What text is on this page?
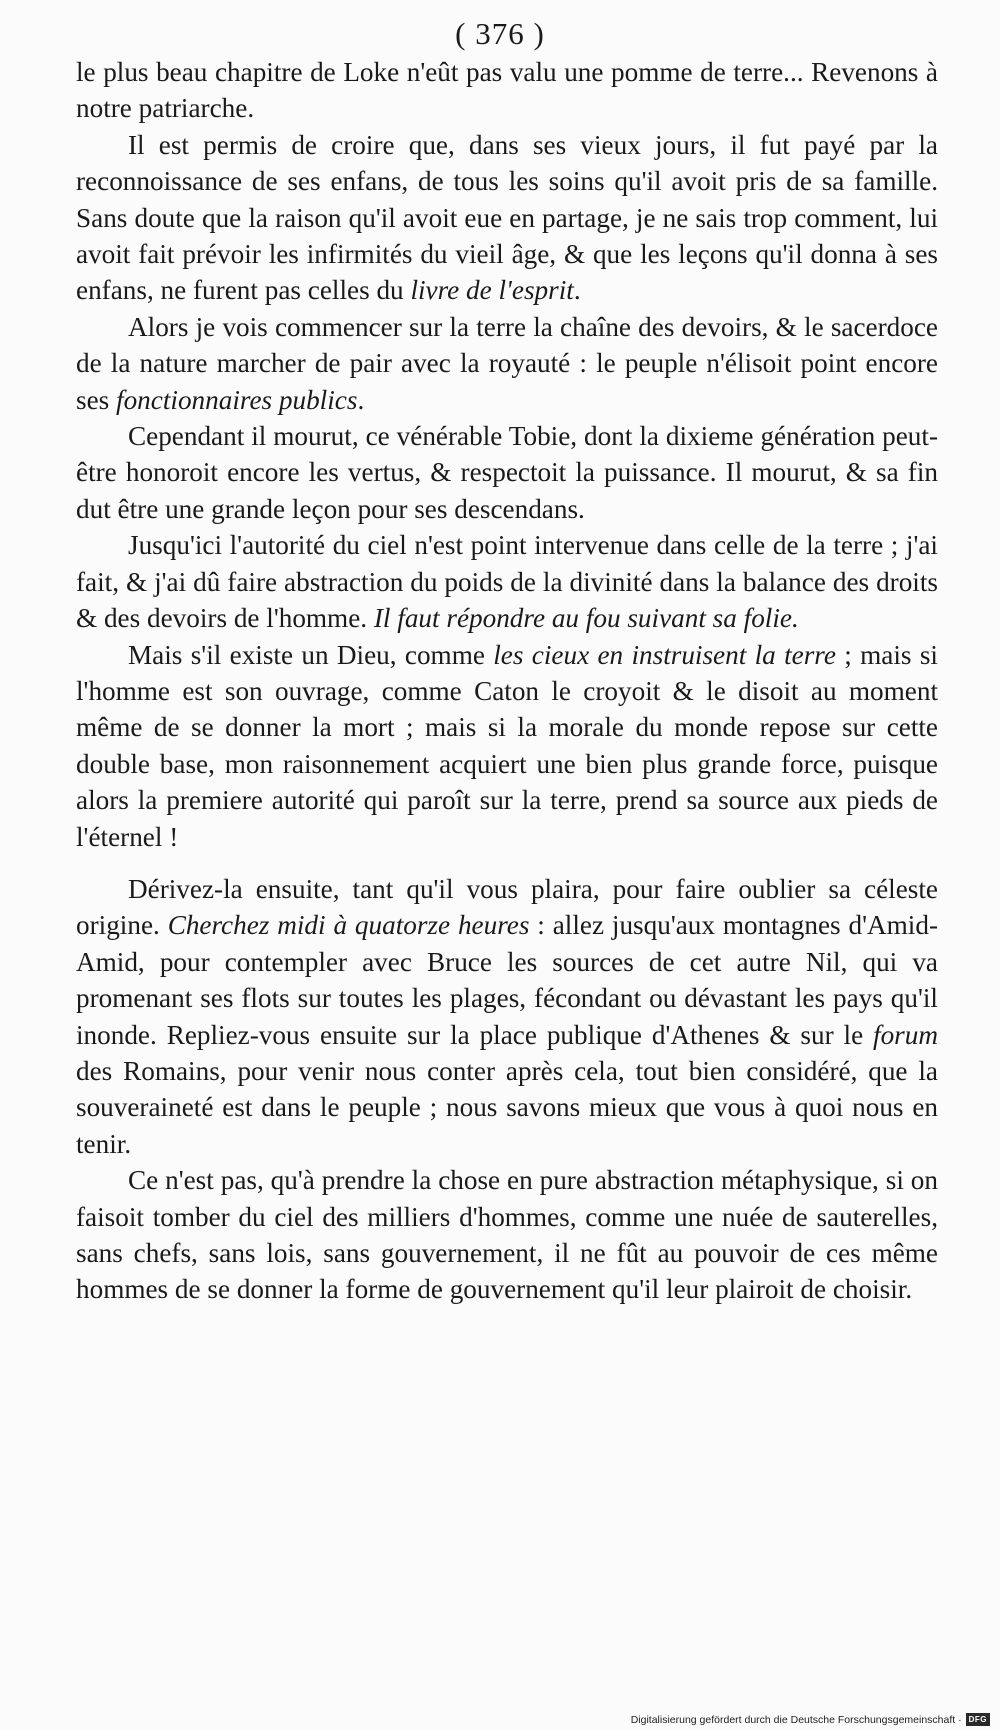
( 376 )

le plus beau chapitre de Loke n'eût pas valu une pomme de terre... Revenons à notre patriarche.

Il est permis de croire que, dans ses vieux jours, il fut payé par la reconnoissance de ses enfans, de tous les soins qu'il avoit pris de sa famille. Sans doute que la raison qu'il avoit eue en partage, je ne sais trop comment, lui avoit fait prévoir les infirmités du vieil âge, & que les leçons qu'il donna à ses enfans, ne furent pas celles du livre de l'esprit.

Alors je vois commencer sur la terre la chaîne des devoirs, & le sacerdoce de la nature marcher de pair avec la royauté : le peuple n'élisoit point encore ses fonctionnaires publics.

Cependant il mourut, ce vénérable Tobie, dont la dixieme génération peut-être honoroit encore les vertus, & respectoit la puissance. Il mourut, & sa fin dut être une grande leçon pour ses descendans.

Jusqu'ici l'autorité du ciel n'est point intervenue dans celle de la terre ; j'ai fait, & j'ai dû faire abstraction du poids de la divinité dans la balance des droits & des devoirs de l'homme. Il faut répondre au fou suivant sa folie.

Mais s'il existe un Dieu, comme les cieux en instruisent la terre ; mais si l'homme est son ouvrage, comme Caton le croyoit & le disoit au moment même de se donner la mort ; mais si la morale du monde repose sur cette double base, mon raisonnement acquiert une bien plus grande force, puisque alors la premiere autorité qui paroît sur la terre, prend sa source aux pieds de l'éternel !

Dérivez-la ensuite, tant qu'il vous plaira, pour faire oublier sa céleste origine. Cherchez midi à quatorze heures : allez jusqu'aux montagnes d'Amid-Amid, pour contempler avec Bruce les sources de cet autre Nil, qui va promenant ses flots sur toutes les plages, fécondant ou dévastant les pays qu'il inonde. Repliez-vous ensuite sur la place publique d'Athenes & sur le forum des Romains, pour venir nous conter après cela, tout bien considéré, que la souveraineté est dans le peuple ; nous savons mieux que vous à quoi nous en tenir.

Ce n'est pas, qu'à prendre la chose en pure abstraction métaphysique, si on faisoit tomber du ciel des milliers d'hommes, comme une nuée de sauterelles, sans chefs, sans lois, sans gouvernement, il ne fût au pouvoir de ces même hommes de se donner la forme de gouvernement qu'il leur plairoit de choisir.

Digitalisierung gefördert durch die Deutsche Forschungsgemeinschaft · DFG
